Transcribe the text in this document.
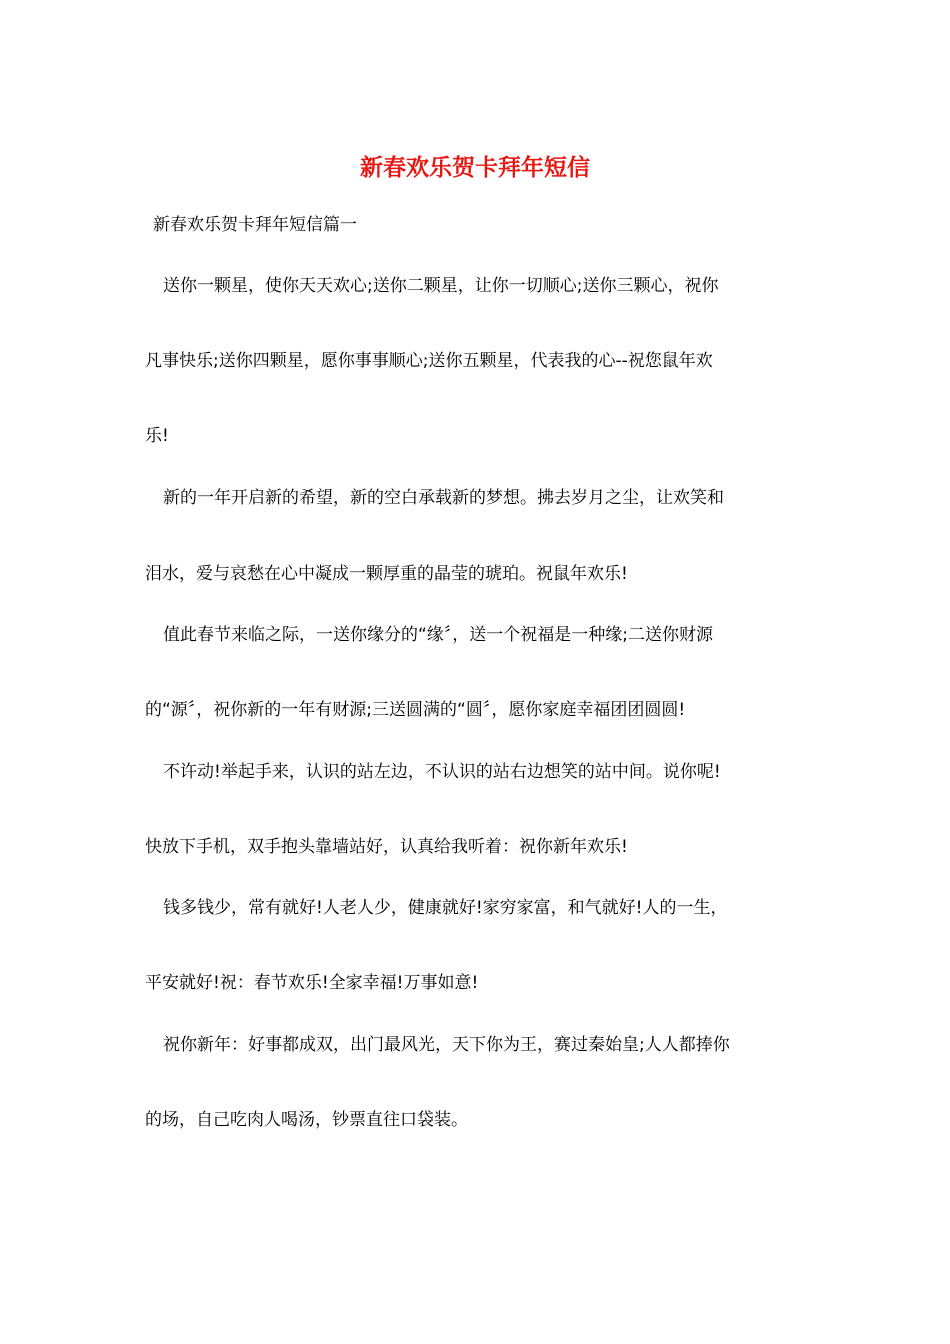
新春欢乐贺卡拜年短信

新春欢乐贺卡拜年短信篇一

送你一颗星，使你天天欢心;送你二颗星，让你一切顺心;送你三颗心，祝你

凡事快乐;送你四颗星，愿你事事顺心;送你五颗星，代表我的心--祝您鼠年欢

乐!

新的一年开启新的希望，新的空白承载新的梦想。拂去岁月之尘，让欢笑和

泪水，爱与哀愁在心中凝成一颗厚重的晶莹的琥珀。祝鼠年欢乐!

值此春节来临之际，一送你缘分的“缘〞，送一个祝福是一种缘;二送你财源

的“源〞，祝你新的一年有财源;三送圆满的“圆〞，愿你家庭幸福团团圆圆!

不许动!举起手来，认识的站左边，不认识的站右边想笑的站中间。说你呢!

快放下手机，双手抱头靠墙站好，认真给我听着：祝你新年欢乐!

钱多钱少，常有就好!人老人少，健康就好!家穷家富，和气就好!人的一生，

平安就好!祝：春节欢乐!全家幸福!万事如意!

祝你新年：好事都成双，出门最风光，天下你为王，赛过秦始皇;人人都捧你

的场，自己吃肉人喝汤，钞票直往口袋装。
